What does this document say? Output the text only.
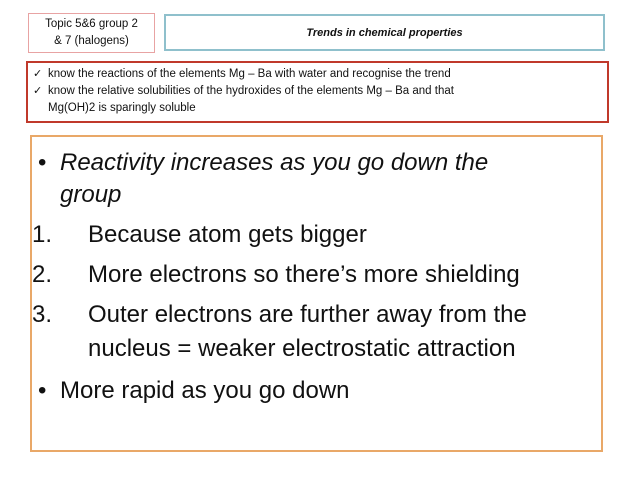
Topic 5&6 group 2
& 7 (halogens)
Trends in chemical properties
✓ know the reactions of the elements Mg – Ba with water and recognise the trend
✓ know the relative solubilities of the hydroxides of the elements Mg – Ba and that
Mg(OH)2 is sparingly soluble
• Reactivity increases as you go down the
group
1. Because atom gets bigger
2. More electrons so there’s more shielding
3. Outer electrons are further away from the
nucleus = weaker electrostatic attraction
• More rapid as you go down
